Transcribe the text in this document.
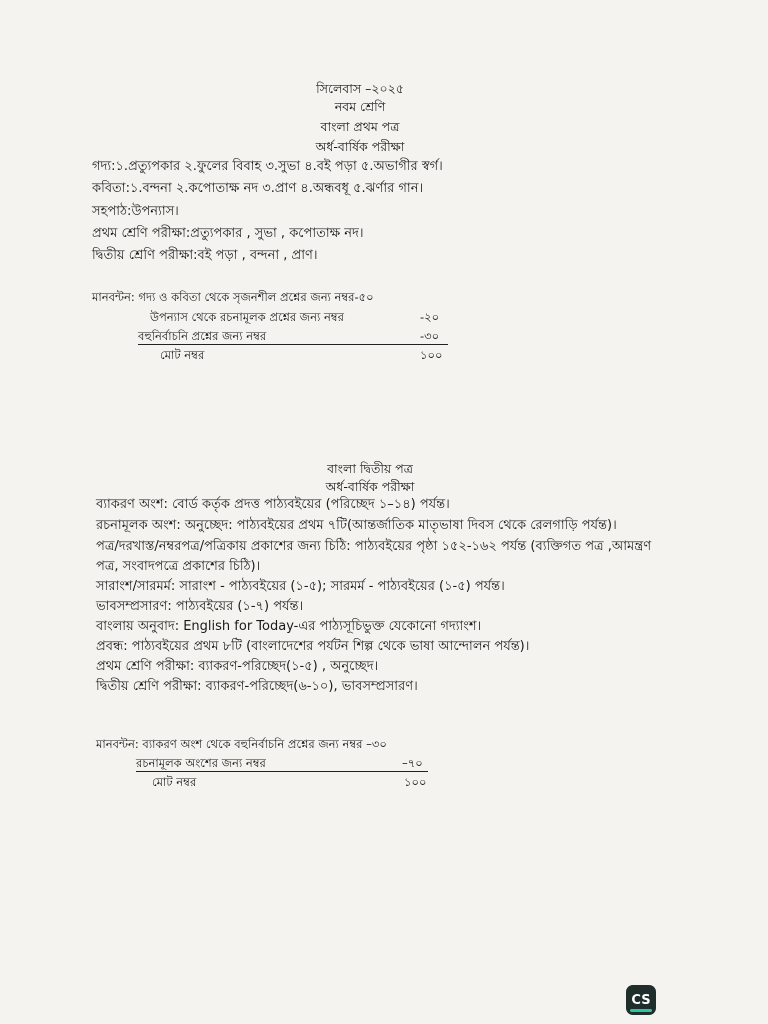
সিলেবাস –২০২৫
নবম শ্রেণি
বাংলা প্রথম পত্র
অর্ধ-বার্ষিক পরীক্ষা
গদ্য:১.প্রত্যুপকার ২.ফুলের বিবাহ ৩.সুভা ৪.বই পড়া ৫.অভাগীর স্বর্গ।
কবিতা:১.বন্দনা ২.কপোতাক্ষ নদ ৩.প্রাণ ৪.অন্ধবধূ ৫.ঝর্ণার গান।
সহপাঠ:উপন্যাস।
প্রথম শ্রেণি পরীক্ষা:প্রত্যুপকার , সুভা , কপোতাক্ষ নদ।
দ্বিতীয় শ্রেণি পরীক্ষা:বই পড়া , বন্দনা , প্রাণ।
মানবন্টন: গদ্য ও কবিতা থেকে সৃজনশীল প্রশ্নের জন্য নম্বর-৫০
উপন্যাস থেকে রচনামূলক প্রশ্নের জন্য নম্বর	-২০
বহুনির্বাচনি প্রশ্নের জন্য নম্বর	-৩০
মোট নম্বর	১০০
বাংলা দ্বিতীয় পত্র
অর্ধ-বার্ষিক পরীক্ষা
ব্যাকরণ অংশ: বোর্ড কর্তৃক প্রদত্ত পাঠ্যবইয়ের (পরিচ্ছেদ ১–১৪) পর্যন্ত।
রচনামূলক অংশ: অনুচ্ছেদ: পাঠ্যবইয়ের প্রথম ৭টি(আন্তর্জাতিক মাতৃভাষা দিবস থেকে রেলগাড়ি পর্যন্ত)।
পত্র/দরখাস্ত/নম্বরপত্র/পত্রিকায় প্রকাশের জন্য চিঠি: পাঠ্যবইয়ের পৃষ্ঠা ১৫২-১৬২ পর্যন্ত (ব্যক্তিগত পত্র ,আমন্ত্রণ
পত্র, সংবাদপত্রে প্রকাশের চিঠি)।
সারাংশ/সারমর্ম: সারাংশ - পাঠ্যবইয়ের (১-৫); সারমর্ম - পাঠ্যবইয়ের (১-৫) পর্যন্ত।
ভাবসম্প্রসারণ: পাঠ্যবইয়ের (১-৭) পর্যন্ত।
বাংলায় অনুবাদ: English for Today-এর পাঠ্যসূচিভুক্ত যেকোনো গদ্যাংশ।
প্রবন্ধ: পাঠ্যবইয়ের প্রথম ৮টি (বাংলাদেশের পর্যটন শিল্প থেকে ভাষা আন্দোলন পর্যন্ত)।
প্রথম শ্রেণি পরীক্ষা: ব্যাকরণ-পরিচ্ছেদ(১-৫) , অনুচ্ছেদ।
দ্বিতীয় শ্রেণি পরীক্ষা: ব্যাকরণ-পরিচ্ছেদ(৬-১০), ভাবসম্প্রসারণ।
মানবন্টন: ব্যাকরণ অংশ থেকে বহুনির্বাচনি প্রশ্নের জন্য নম্বর –৩০
রচনামূলক অংশের জন্য নম্বর	–৭০
মোট নম্বর	১০০
CS
